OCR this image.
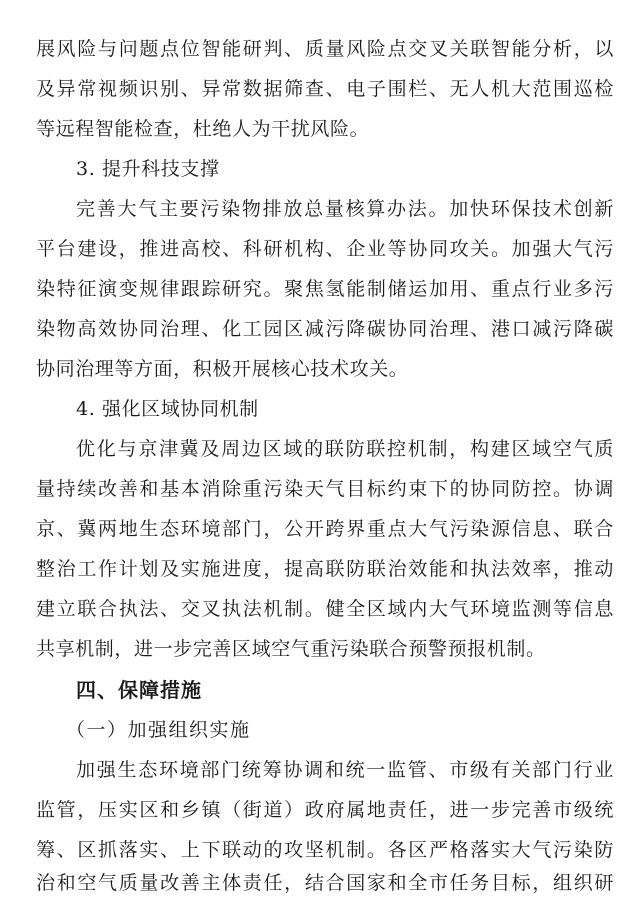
展风险与问题点位智能研判、质量风险点交叉关联智能分析，以
及异常视频识别、异常数据筛查、电子围栏、无人机大范围巡检
等远程智能检查，杜绝人为干扰风险。
3. 提升科技支撑
完善大气主要污染物排放总量核算办法。加快环保技术创新
平台建设，推进高校、科研机构、企业等协同攻关。加强大气污
染特征演变规律跟踪研究。聚焦氢能制储运加用、重点行业多污
染物高效协同治理、化工园区减污降碳协同治理、港口减污降碳
协同治理等方面，积极开展核心技术攻关。
4. 强化区域协同机制
优化与京津冀及周边区域的联防联控机制，构建区域空气质
量持续改善和基本消除重污染天气目标约束下的协同防控。协调
京、冀两地生态环境部门，公开跨界重点大气污染源信息、联合
整治工作计划及实施进度，提高联防联治效能和执法效率，推动
建立联合执法、交叉执法机制。健全区域内大气环境监测等信息
共享机制，进一步完善区域空气重污染联合预警预报机制。
四、保障措施
（一）加强组织实施
加强生态环境部门统筹协调和统一监管、市级有关部门行业
监管，压实区和乡镇（街道）政府属地责任，进一步完善市级统
筹、区抓落实、上下联动的攻坚机制。各区严格落实大气污染防
治和空气质量改善主体责任，结合国家和全市任务目标，组织研
